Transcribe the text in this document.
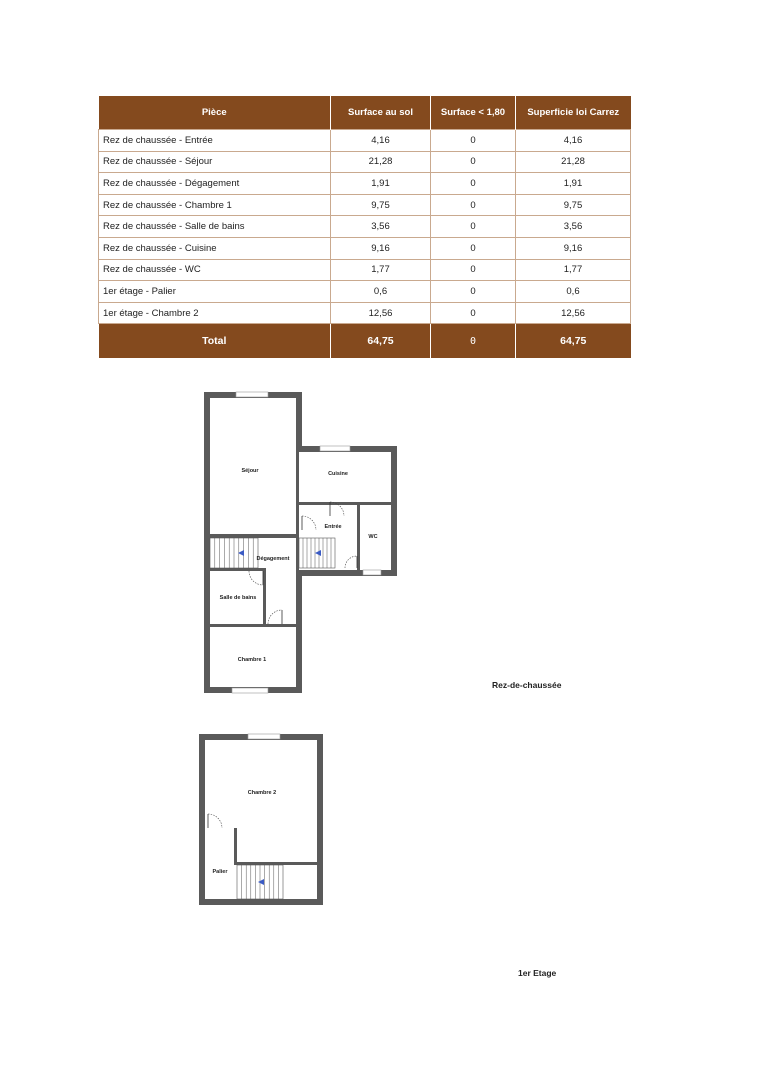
Pièce	Surface au sol	Surface < 1,80	Superficie loi Carrez
Rez de chaussée - Entrée	4,16	0	4,16
Rez de chaussée - Séjour	21,28	0	21,28
Rez de chaussée - Dégagement	1,91	0	1,91
Rez de chaussée - Chambre 1	9,75	0	9,75
Rez de chaussée - Salle de bains	3,56	0	3,56
Rez de chaussée - Cuisine	9,16	0	9,16
Rez de chaussée - WC	1,77	0	1,77
1er étage - Palier	0,6	0	0,6
1er étage - Chambre 2	12,56	0	12,56
Total	64,75	0	64,75
Séjour	Cuisine
Entrée
WC
Dégagement
Salle de bains
Chambre 1
Rez-de-chaussée
Chambre 2
Palier
1er Etage
